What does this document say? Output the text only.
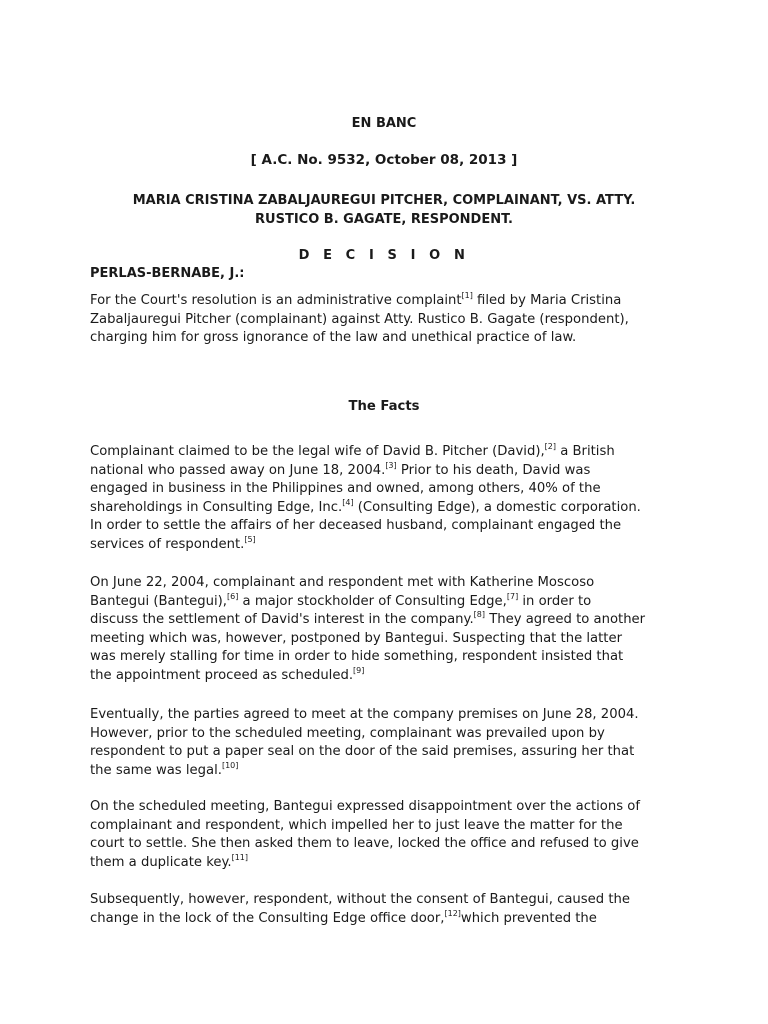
EN BANC
[ A.C. No. 9532, October 08, 2013 ]
MARIA CRISTINA ZABALJAUREGUI PITCHER, COMPLAINANT, VS. ATTY.
RUSTICO B. GAGATE, RESPONDENT.
D E C I S I O N
PERLAS-BERNABE, J.:

For the Court's resolution is an administrative complaint[1] filed by Maria Cristina
Zabaljauregui Pitcher (complainant) against Atty. Rustico B. Gagate (respondent),
charging him for gross ignorance of the law and unethical practice of law.

The Facts

Complainant claimed to be the legal wife of David B. Pitcher (David),[2] a British
national who passed away on June 18, 2004.[3] Prior to his death, David was
engaged in business in the Philippines and owned, among others, 40% of the
shareholdings in Consulting Edge, Inc.[4] (Consulting Edge), a domestic corporation.
In order to settle the affairs of her deceased husband, complainant engaged the
services of respondent.[5]

On June 22, 2004, complainant and respondent met with Katherine Moscoso
Bantegui (Bantegui),[6] a major stockholder of Consulting Edge,[7] in order to
discuss the settlement of David's interest in the company.[8] They agreed to another
meeting which was, however, postponed by Bantegui. Suspecting that the latter
was merely stalling for time in order to hide something, respondent insisted that
the appointment proceed as scheduled.[9]

Eventually, the parties agreed to meet at the company premises on June 28, 2004.
However, prior to the scheduled meeting, complainant was prevailed upon by
respondent to put a paper seal on the door of the said premises, assuring her that
the same was legal.[10]

On the scheduled meeting, Bantegui expressed disappointment over the actions of
complainant and respondent, which impelled her to just leave the matter for the
court to settle. She then asked them to leave, locked the office and refused to give
them a duplicate key.[11]

Subsequently, however, respondent, without the consent of Bantegui, caused the
change in the lock of the Consulting Edge office door,[12]which prevented the
